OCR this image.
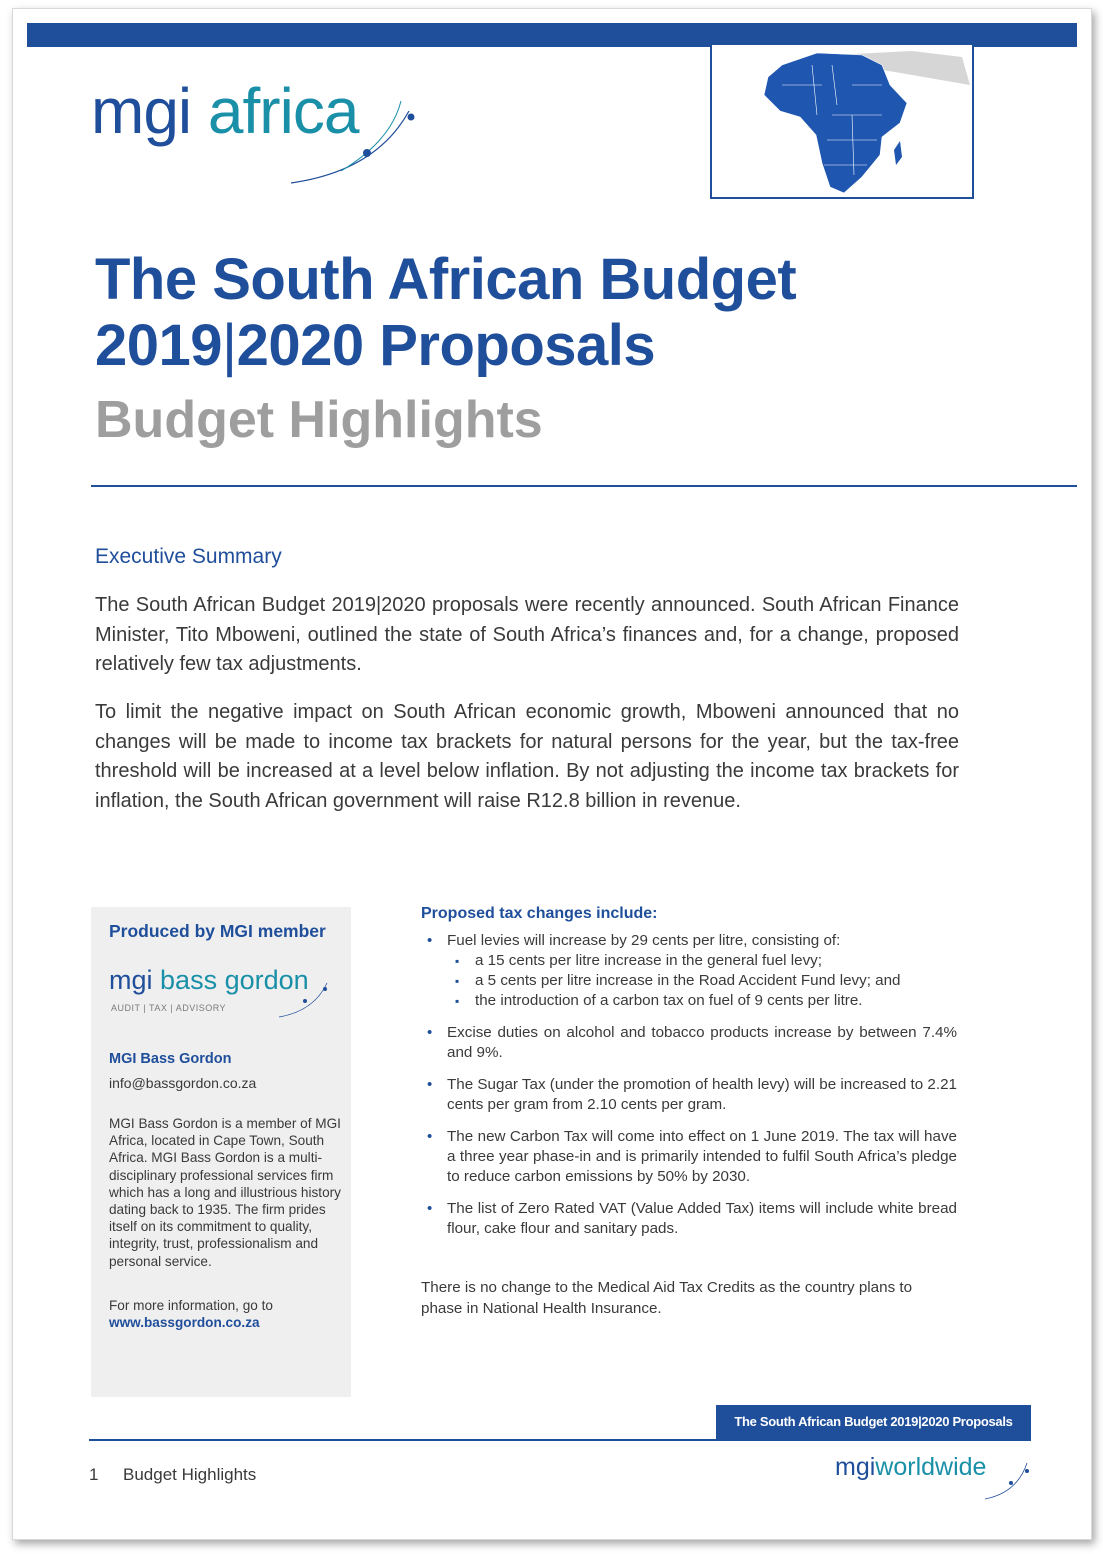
mgi africa
The South African Budget
2019|2020 Proposals
Budget Highlights
Executive Summary

The South African Budget 2019|2020 proposals were recently announced. South African Finance Minister, Tito Mboweni, outlined the state of South Africa’s finances and, for a change, proposed relatively few tax adjustments.

To limit the negative impact on South African economic growth, Mboweni announced that no changes will be made to income tax brackets for natural persons for the year, but the tax-free threshold will be increased at a level below inflation. By not adjusting the income tax brackets for inflation, the South African government will raise R12.8 billion in revenue.

Produced by MGI member
mgi bass gordon
AUDIT | TAX | ADVISORY
MGI Bass Gordon
info@bassgordon.co.za

MGI Bass Gordon is a member of MGI Africa, located in Cape Town, South Africa. MGI Bass Gordon is a multi-disciplinary professional services firm which has a long and illustrious history dating back to 1935. The firm prides itself on its commitment to quality, integrity, trust, professionalism and personal service.

For more information, go to
www.bassgordon.co.za
Proposed tax changes include:
• Fuel levies will increase by 29 cents per litre, consisting of:
▪ a 15 cents per litre increase in the general fuel levy;
▪ a 5 cents per litre increase in the Road Accident Fund levy; and
▪ the introduction of a carbon tax on fuel of 9 cents per litre.
• Excise duties on alcohol and tobacco products increase by between 7.4% and 9%.
• The Sugar Tax (under the promotion of health levy) will be increased to 2.21 cents per gram from 2.10 cents per gram.
• The new Carbon Tax will come into effect on 1 June 2019. The tax will have a three year phase-in and is primarily intended to fulfil South Africa’s pledge to reduce carbon emissions by 50% by 2030.
• The list of Zero Rated VAT (Value Added Tax) items will include white bread flour, cake flour and sanitary pads.

There is no change to the Medical Aid Tax Credits as the country plans to phase in National Health Insurance.

The South African Budget 2019|2020 Proposals
1 Budget Highlights	mgiworldwide
